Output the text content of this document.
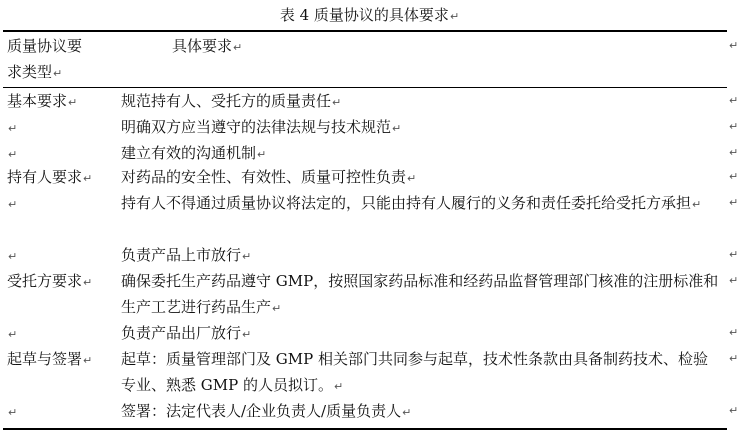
表 4 质量协议的具体要求↵
质量协议要
求类型↵
具体要求↵	↵
基本要求↵	规范持有人、受托方的质量责任↵	↵
↵	明确双方应当遵守的法律法规与技术规范↵	↵
↵	建立有效的沟通机制↵	↵
持有人要求↵ 对药品的安全性、有效性、质量可控性负责↵	↵
↵	持有人不得通过质量协议将法定的，只能由持有人履行的义务和责任委托给受托方承担↵	↵
↵	负责产品上市放行↵	↵
受托方要求↵ 确保委托生产药品遵守 GMP，按照国家药品标准和经药品监督管理部门核准的注册标准和生产工艺进行药品生产↵
↵
↵	负责产品出厂放行↵	↵
起草与签署↵ 起草：质量管理部门及 GMP 相关部门共同参与起草，技术性条款由具备制药技术、检验专业、熟悉 GMP 的人员拟订。↵
↵
↵	签署：法定代表人/企业负责人/质量负责人↵	↵
